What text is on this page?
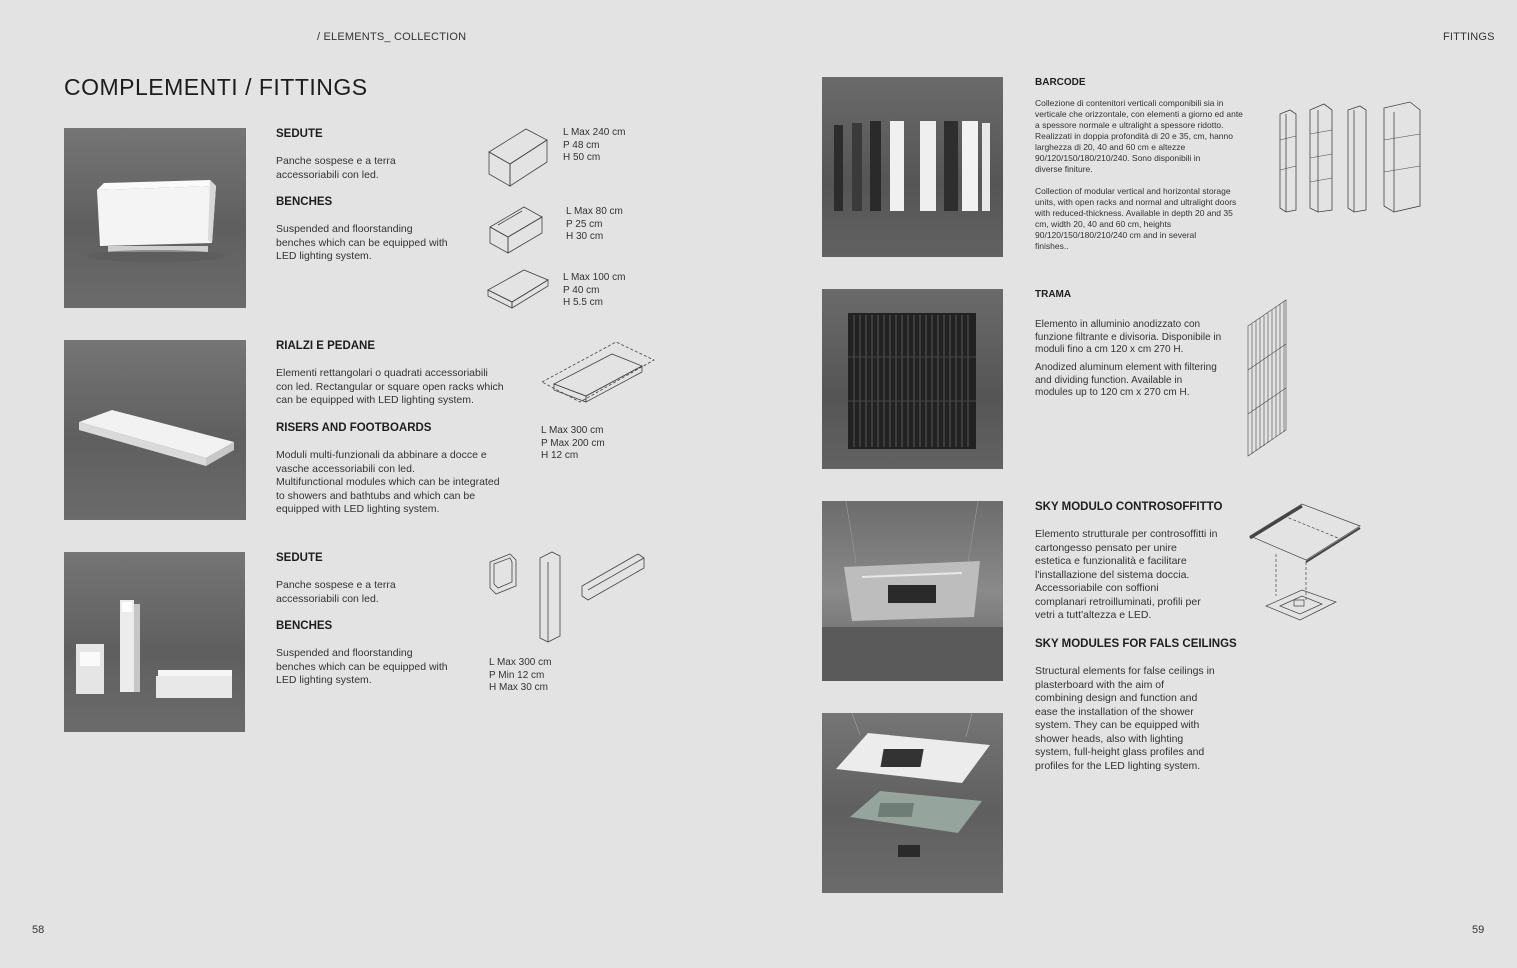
/ ELEMENTS_ COLLECTION	FITTINGS
COMPLEMENTI / FITTINGS
SEDUTE
Panche sospese e a terra
accessoriabili con led.
BENCHES
Suspended and floorstanding
benches which can be equipped with
LED lighting system.
L Max 240 cm
P 48 cm
H 50 cm
L Max 80 cm
P 25 cm
H 30 cm
L Max 100 cm
P 40 cm
H 5.5 cm
RIALZI E PEDANE
Elementi rettangolari o quadrati accessoriabili
con led. Rectangular or square open racks which
can be equipped with LED lighting system.
RISERS AND FOOTBOARDS
Moduli multi-funzionali da abbinare a docce e
vasche accessoriabili con led.
Multifunctional modules which can be integrated
to showers and bathtubs and which can be
equipped with LED lighting system.
L Max 300 cm
P Max 200 cm
H 12 cm
SEDUTE
Panche sospese e a terra
accessoriabili con led.
BENCHES
Suspended and floorstanding
benches which can be equipped with
LED lighting system.
L Max 300 cm
P Min 12 cm
H Max 30 cm
58
BARCODE
Collezione di contenitori verticali componibili sia in
verticale che orizzontale, con elementi a giorno ed ante
a spessore normale e ultralight a spessore ridotto.
Realizzati in doppia profondità di 20 e 35, cm, hanno
larghezza di 20, 40 and 60 cm e altezze
90/120/150/180/210/240. Sono disponibili in
diverse finiture.
Collection of modular vertical and horizontal storage
units, with open racks and normal and ultralight doors
with reduced-thickness. Available in depth 20 and 35
cm, width 20, 40 and 60 cm, heights
90/120/150/180/210/240 cm and in several
finishes..
TRAMA
Elemento in alluminio anodizzato con
funzione filtrante e divisoria. Disponibile in
moduli fino a cm 120 x cm 270 H.
Anodized aluminum element with filtering
and dividing function. Available in
modules up to 120 cm x 270 cm H.
SKY MODULO CONTROSOFFITTO
Elemento strutturale per controsoffitti in
cartongesso pensato per unire
estetica e funzionalità e facilitare
l'installazione del sistema doccia.
Accessoriabile con soffioni
complanari retroilluminati, profili per
vetri a tutt'altezza e LED.
SKY MODULES FOR FALS CEILINGS
Structural elements for false ceilings in
plasterboard with the aim of
combining design and function and
ease the installation of the shower
system. They can be equipped with
shower heads, also with lighting
system, full-height glass profiles and
profiles for the LED lighting system.
59
